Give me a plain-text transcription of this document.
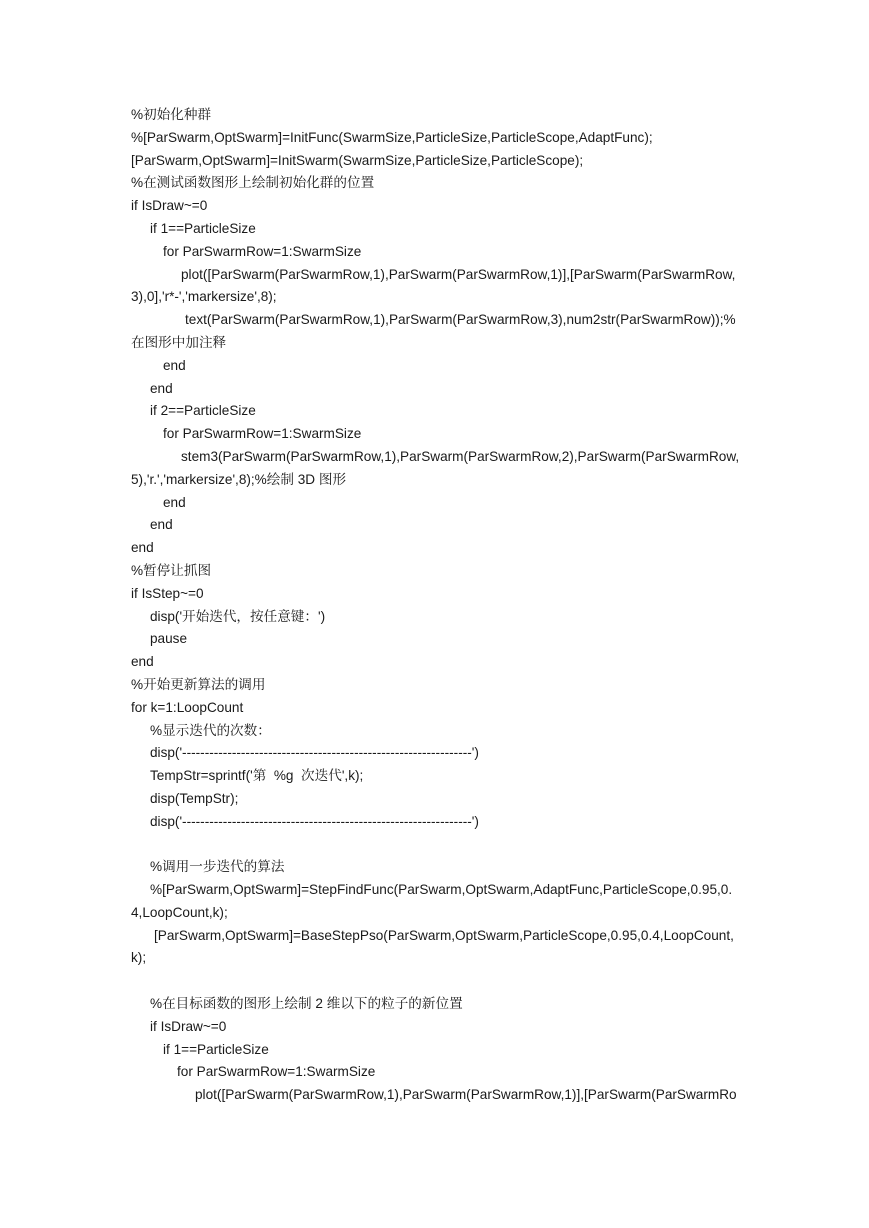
%初始化种群
%[ParSwarm,OptSwarm]=InitFunc(SwarmSize,ParticleSize,ParticleScope,AdaptFunc);
[ParSwarm,OptSwarm]=InitSwarm(SwarmSize,ParticleSize,ParticleScope);
%在测试函数图形上绘制初始化群的位置
if IsDraw~=0
if 1==ParticleSize
for ParSwarmRow=1:SwarmSize
plot([ParSwarm(ParSwarmRow,1),ParSwarm(ParSwarmRow,1)],[ParSwarm(ParSwarmRow,
3),0],'r*-','markersize',8);
text(ParSwarm(ParSwarmRow,1),ParSwarm(ParSwarmRow,3),num2str(ParSwarmRow));%
在图形中加注释
end
end
if 2==ParticleSize
for ParSwarmRow=1:SwarmSize
stem3(ParSwarm(ParSwarmRow,1),ParSwarm(ParSwarmRow,2),ParSwarm(ParSwarmRow,
5),'r.','markersize',8);%绘制 3D 图形
end
end
end
%暂停让抓图
if IsStep~=0
disp('开始迭代，按任意键：')
pause
end
%开始更新算法的调用
for k=1:LoopCount
%显示迭代的次数：
disp('----------------------------------------------------------------')
TempStr=sprintf('第  %g  次迭代',k);
disp(TempStr);
disp('----------------------------------------------------------------')
%调用一步迭代的算法
%[ParSwarm,OptSwarm]=StepFindFunc(ParSwarm,OptSwarm,AdaptFunc,ParticleScope,0.95,0.
4,LoopCount,k);
[ParSwarm,OptSwarm]=BaseStepPso(ParSwarm,OptSwarm,ParticleScope,0.95,0.4,LoopCount,
k);
%在目标函数的图形上绘制 2 维以下的粒子的新位置
if IsDraw~=0
if 1==ParticleSize
for ParSwarmRow=1:SwarmSize
plot([ParSwarm(ParSwarmRow,1),ParSwarm(ParSwarmRow,1)],[ParSwarm(ParSwarmRo
